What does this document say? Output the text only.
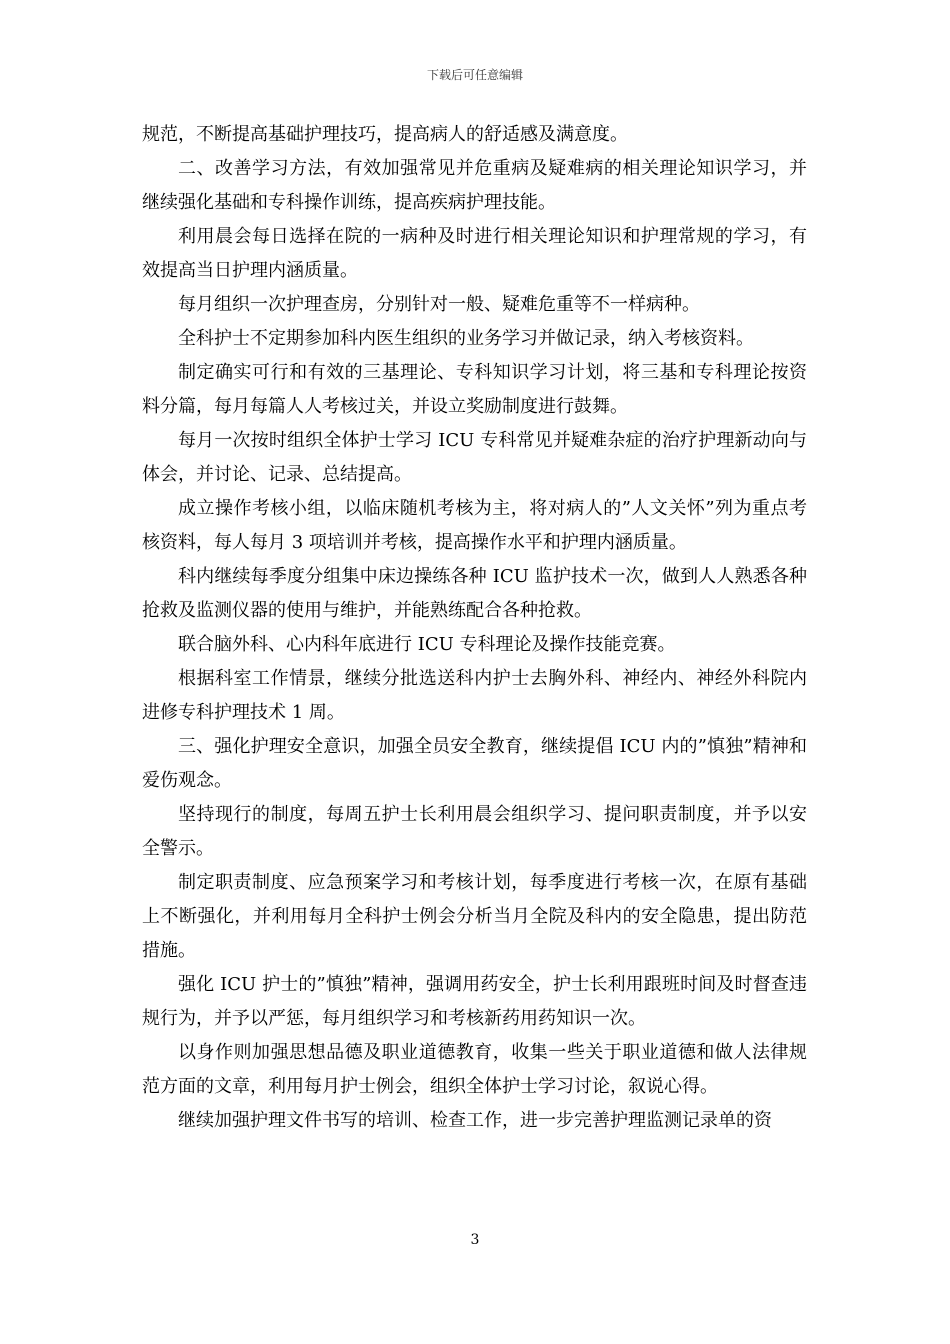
下载后可任意编辑

规范，不断提高基础护理技巧，提高病人的舒适感及满意度。

二、改善学习方法，有效加强常见并危重病及疑难病的相关理论知识学习，并继续强化基础和专科操作训练，提高疾病护理技能。

利用晨会每日选择在院的一病种及时进行相关理论知识和护理常规的学习，有效提高当日护理内涵质量。

每月组织一次护理查房，分别针对一般、疑难危重等不一样病种。

全科护士不定期参加科内医生组织的业务学习并做记录，纳入考核资料。

制定确实可行和有效的三基理论、专科知识学习计划，将三基和专科理论按资料分篇，每月每篇人人考核过关，并设立奖励制度进行鼓舞。

每月一次按时组织全体护士学习 ICU 专科常见并疑难杂症的治疗护理新动向与体会，并讨论、记录、总结提高。

成立操作考核小组，以临床随机考核为主，将对病人的”人文关怀”列为重点考核资料，每人每月 3 项培训并考核，提高操作水平和护理内涵质量。

科内继续每季度分组集中床边操练各种 ICU 监护技术一次，做到人人熟悉各种抢救及监测仪器的使用与维护，并能熟练配合各种抢救。

联合脑外科、心内科年底进行 ICU 专科理论及操作技能竞赛。

根据科室工作情景，继续分批选送科内护士去胸外科、神经内、神经外科院内进修专科护理技术 1 周。

三、强化护理安全意识，加强全员安全教育，继续提倡 ICU 内的”慎独”精神和爱伤观念。

坚持现行的制度，每周五护士长利用晨会组织学习、提问职责制度，并予以安全警示。

制定职责制度、应急预案学习和考核计划，每季度进行考核一次，在原有基础上不断强化，并利用每月全科护士例会分析当月全院及科内的安全隐患，提出防范措施。

强化 ICU 护士的”慎独”精神，强调用药安全，护士长利用跟班时间及时督查违规行为，并予以严惩，每月组织学习和考核新药用药知识一次。

以身作则加强思想品德及职业道德教育，收集一些关于职业道德和做人法律规范方面的文章，利用每月护士例会，组织全体护士学习讨论，叙说心得。

继续加强护理文件书写的培训、检查工作，进一步完善护理监测记录单的资

3
